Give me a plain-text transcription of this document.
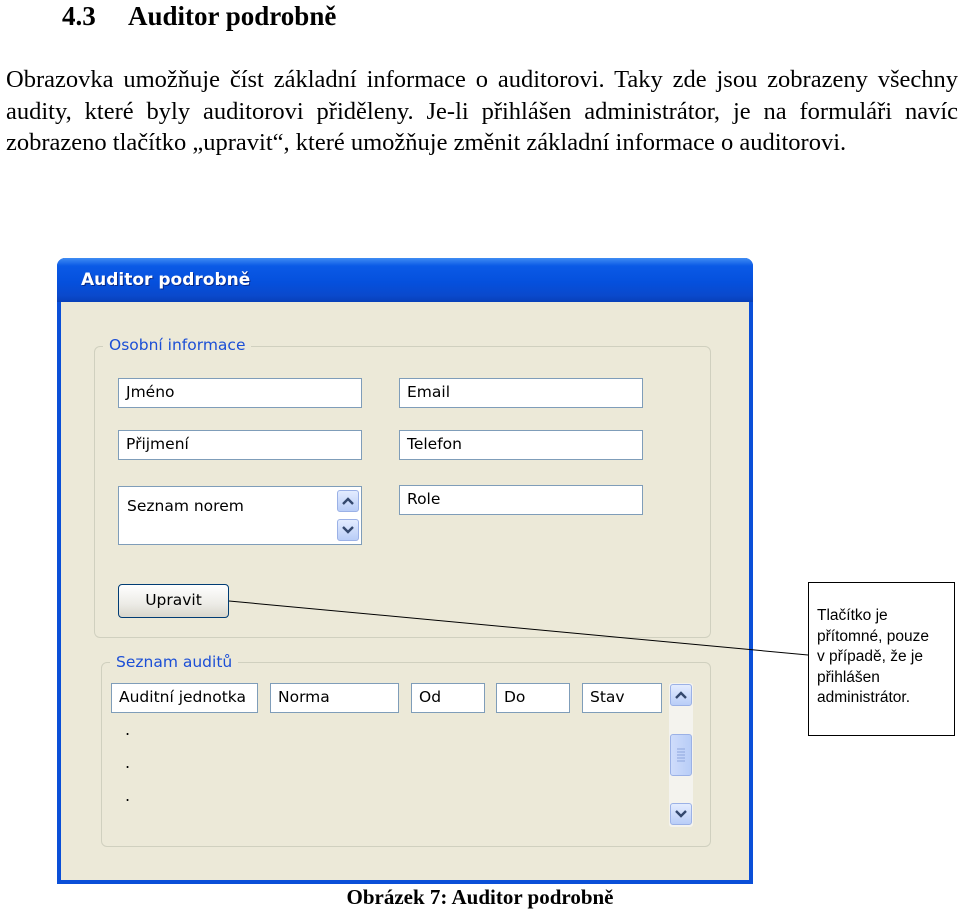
4.3 Auditor podrobně

Obrazovka umožňuje číst základní informace o auditorovi. Taky zde jsou zobrazeny všechny audity, které byly auditorovi přiděleny. Je-li přihlášen administrátor, je na formuláři navíc zobrazeno tlačítko „upravit“, které umožňuje změnit základní informace o auditorovi.

Auditor podrobně
Osobní informace
Jméno	Email
Přijmení	Telefon
Seznam norem	Role
Upravit
Seznam auditů
Auditní jednotka	Norma	Od	Do	Stav
.
.
.
Tlačítko je
přítomné, pouze
v případě, že je
přihlášen
administrátor.
Obrázek 7: Auditor podrobně
